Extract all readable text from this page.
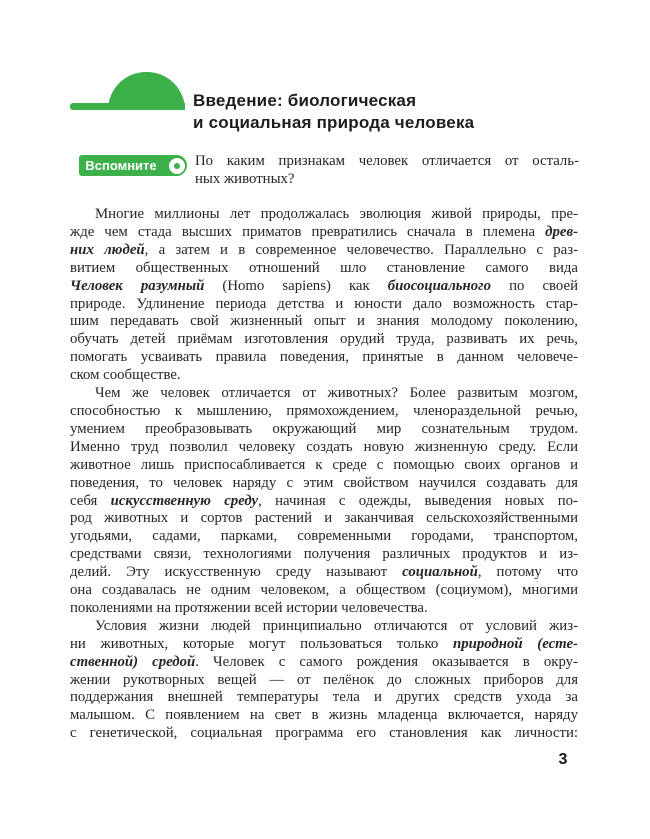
Введение: биологическая
и социальная природа человека
Вспомните	По каким признакам человек отличается от осталь-
ных животных?
Многие миллионы лет продолжалась эволюция живой природы, пре-
жде чем стада высших приматов превратились сначала в племена древ-
них людей, а затем и в современное человечество. Параллельно с раз-
витием общественных отношений шло становление самого вида
Человек разумный (Homo sapiens) как биосоциального по своей
природе. Удлинение периода детства и юности дало возможность стар-
шим передавать свой жизненный опыт и знания молодому поколению,
обучать детей приёмам изготовления орудий труда, развивать их речь,
помогать усваивать правила поведения, принятые в данном человече-
ском сообществе.
Чем же человек отличается от животных? Более развитым мозгом,
способностью к мышлению, прямохождением, членораздельной речью,
умением преобразовывать окружающий мир сознательным трудом.
Именно труд позволил человеку создать новую жизненную среду. Если
животное лишь приспосабливается к среде с помощью своих органов и
поведения, то человек наряду с этим свойством научился создавать для
себя искусственную среду, начиная с одежды, выведения новых по-
род животных и сортов растений и заканчивая сельскохозяйственными
угодьями, садами, парками, современными городами, транспортом,
средствами связи, технологиями получения различных продуктов и из-
делий. Эту искусственную среду называют социальной, потому что
она создавалась не одним человеком, а обществом (социумом), многими
поколениями на протяжении всей истории человечества.
Условия жизни людей принципиально отличаются от условий жиз-
ни животных, которые могут пользоваться только природной (есте-
ственной) средой. Человек с самого рождения оказывается в окру-
жении рукотворных вещей — от пелёнок до сложных приборов для
поддержания внешней температуры тела и других средств ухода за
малышом. С появлением на свет в жизнь младенца включается, наряду
с генетической, социальная программа его становления как личности:
3
